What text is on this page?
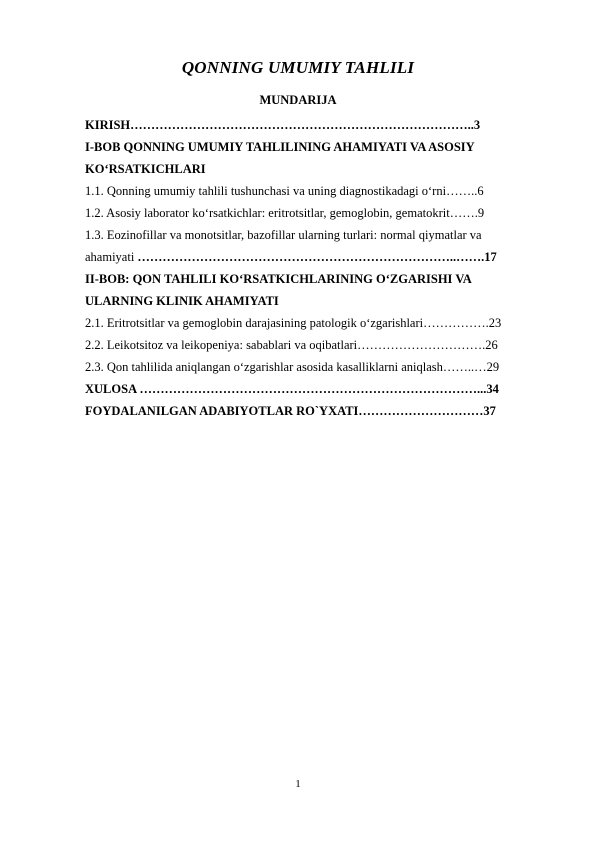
QONNING UMUMIY TAHLILI
MUNDARIJA
KIRISH………………………………………………………………………..3
I-BOB QONNING UMUMIY TAHLILINING AHAMIYATI VA ASOSIY
KO‘RSATKICHLARI
1.1. Qonning umumiy tahlili tushunchasi va uning diagnostikadagi o‘rni……..6
1.2. Asosiy laborator ko‘rsatkichlar: eritrotsitlar, gemoglobin, gematokrit…….9
1.3. Eozinofillar va monotsitlar, bazofillar ularning turlari: normal qiymatlar va
ahamiyati …………………………………………………………………..…….17
II-BOB: QON TAHLILI KO‘RSATKICHLARINING O‘ZGARISHI VA
ULARNING KLINIK AHAMIYATI
2.1. Eritrotsitlar va gemoglobin darajasining patologik o‘zgarishlari…………….23
2.2. Leikotsitoz va leikopeniya: sabablari va oqibatlari………………………….26
2.3. Qon tahlilida aniqlangan o‘zgarishlar asosida kasalliklarni aniqlash……..…29
XULOSA ………………………………………………………………………...34
FOYDALANILGAN ADABIYOTLAR RO`YXATI…………………………37
1
